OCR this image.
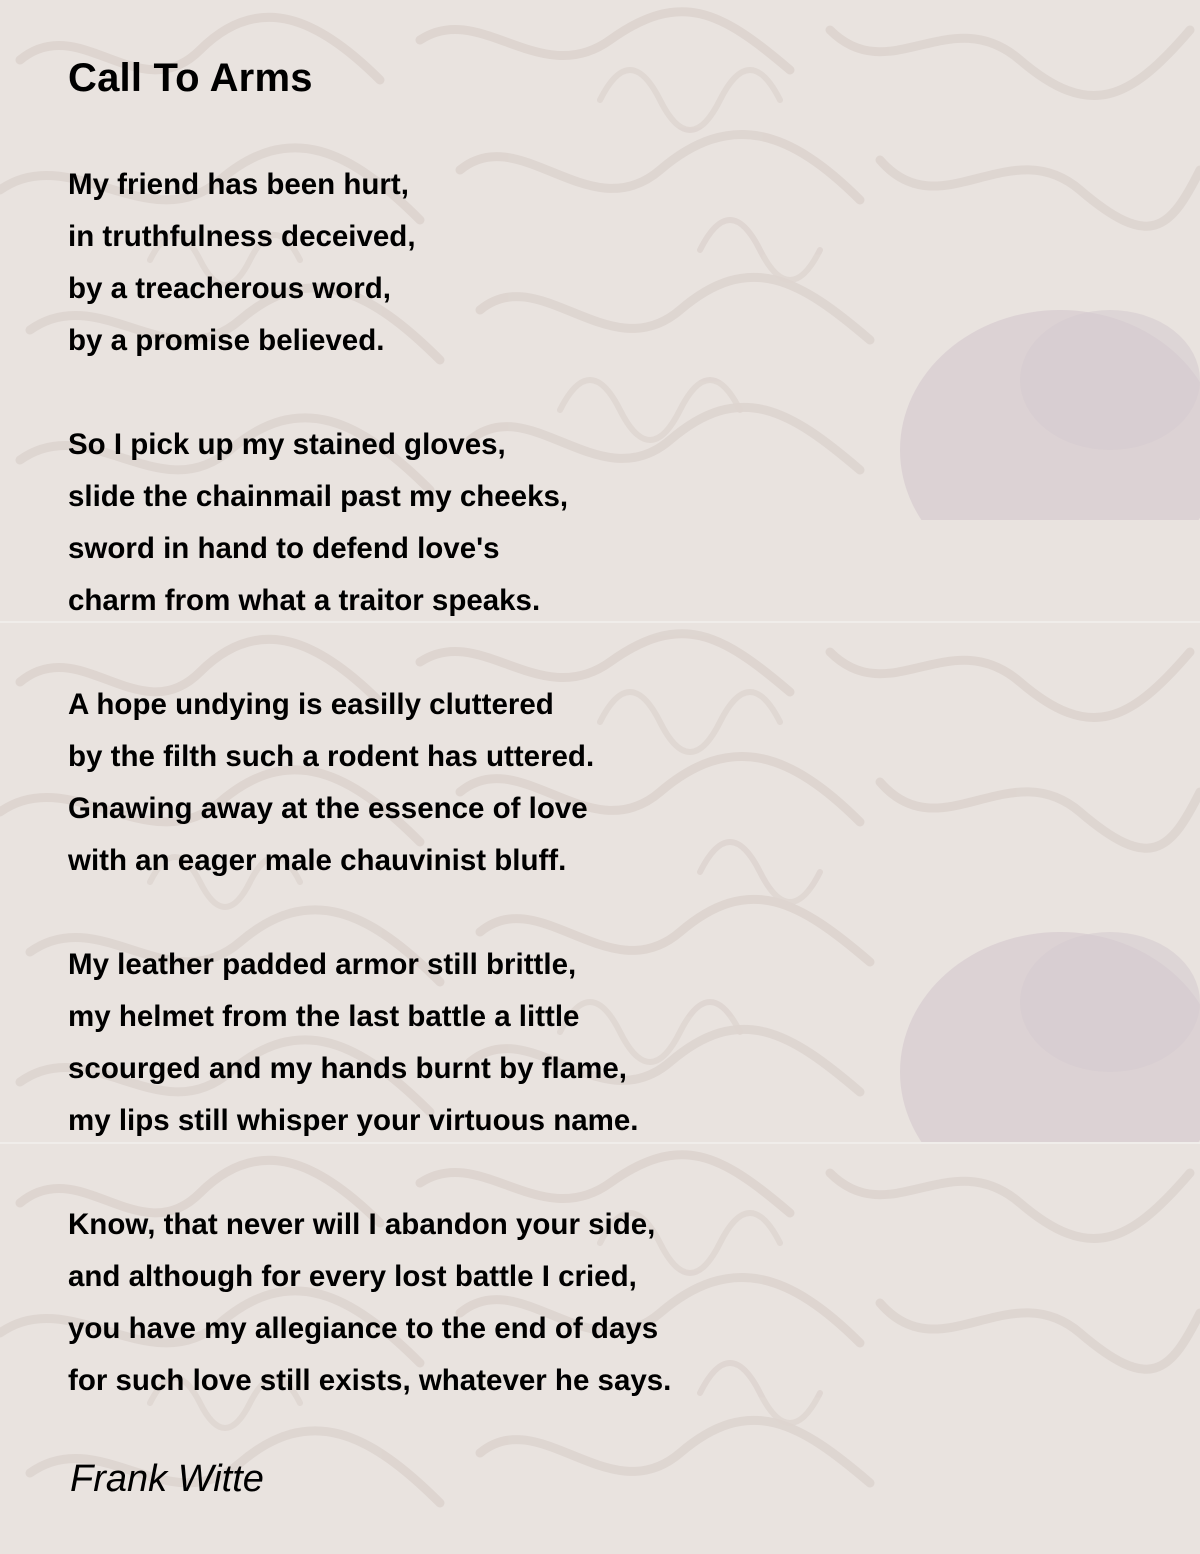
Call To Arms
My friend has been hurt,
in truthfulness deceived,
by a treacherous word,
by a promise believed.
So I pick up my stained gloves,
slide the chainmail past my cheeks,
sword in hand to defend love's
charm from what a traitor speaks.
A hope undying is easilly cluttered
by the filth such a rodent has uttered.
Gnawing away at the essence of love
with an eager male chauvinist bluff.
My leather padded armor still brittle,
my helmet from the last battle a little
scourged and my hands burnt by flame,
my lips still whisper your virtuous name.
Know, that never will I abandon your side,
and although for every lost battle I cried,
you have my allegiance to the end of days
for such love still exists, whatever he says.
Frank Witte
